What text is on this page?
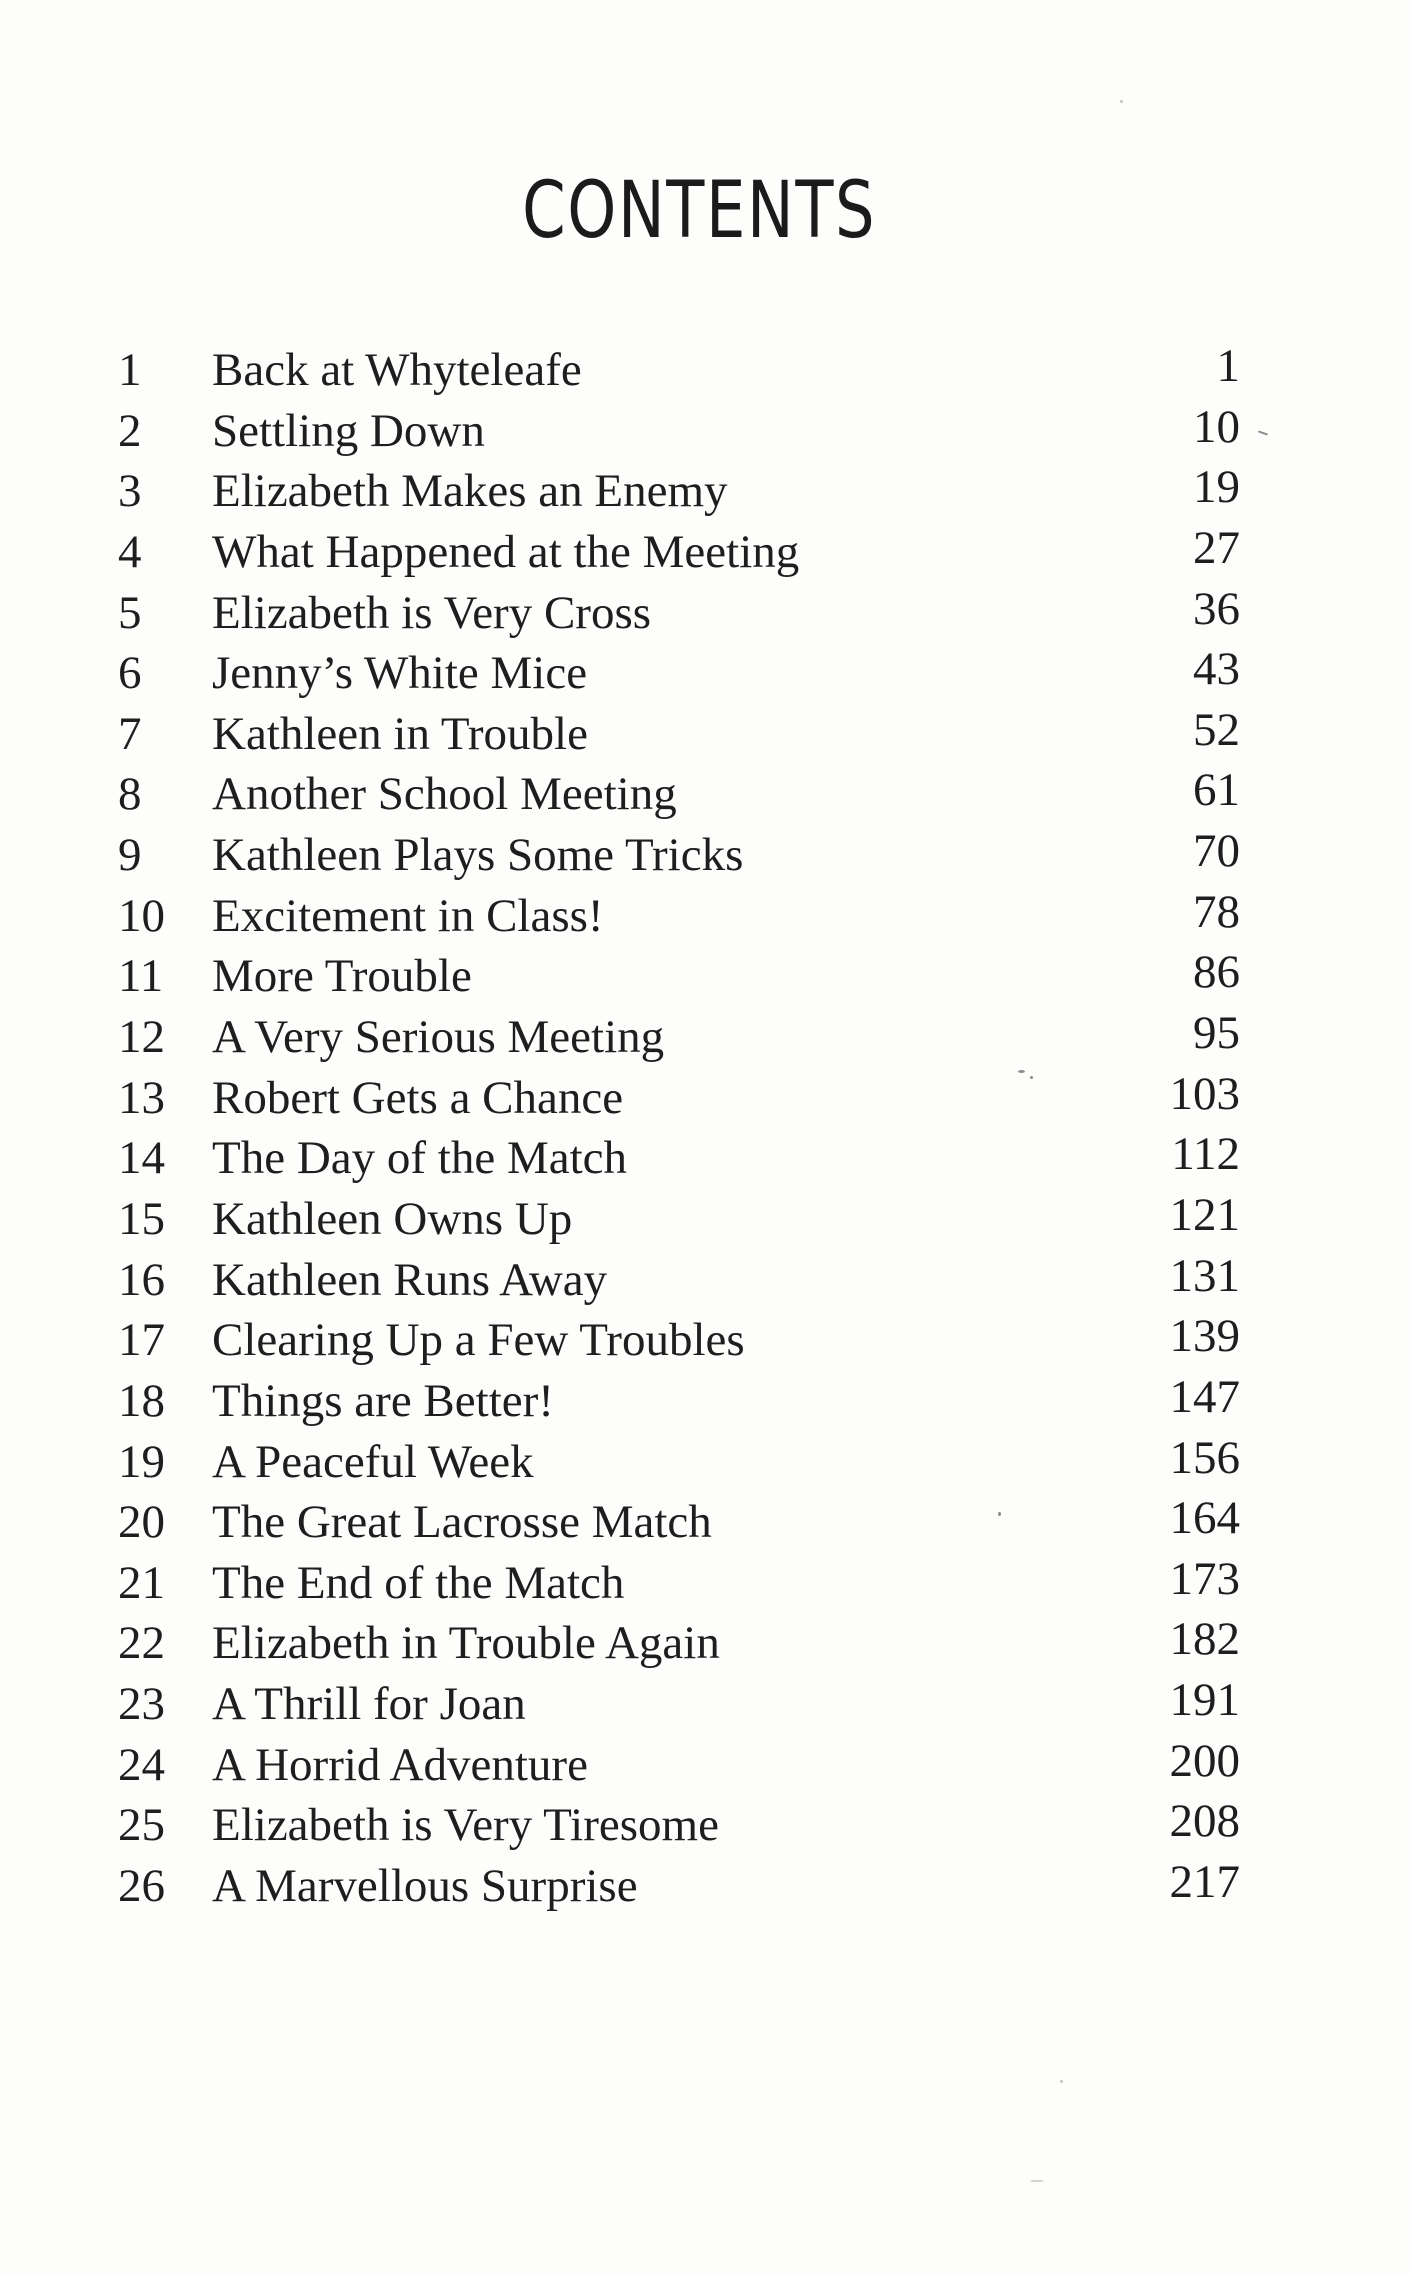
CONTENTS
1 Back at Whyteleafe	1
2 Settling Down	10
3 Elizabeth Makes an Enemy	19
4 What Happened at the Meeting	27
5 Elizabeth is Very Cross	36
6 Jenny’s White Mice	43
7 Kathleen in Trouble	52
8 Another School Meeting	61
9 Kathleen Plays Some Tricks	70
10 Excitement in Class!	78
11 More Trouble	86
12 A Very Serious Meeting	95
13 Robert Gets a Chance	103
14 The Day of the Match	112
15 Kathleen Owns Up	121
16 Kathleen Runs Away	131
17 Clearing Up a Few Troubles	139
18 Things are Better!	147
19 A Peaceful Week	156
20 The Great Lacrosse Match	164
21 The End of the Match	173
22 Elizabeth in Trouble Again	182
23 A Thrill for Joan	191
24 A Horrid Adventure	200
25 Elizabeth is Very Tiresome	208
26 A Marvellous Surprise	217
